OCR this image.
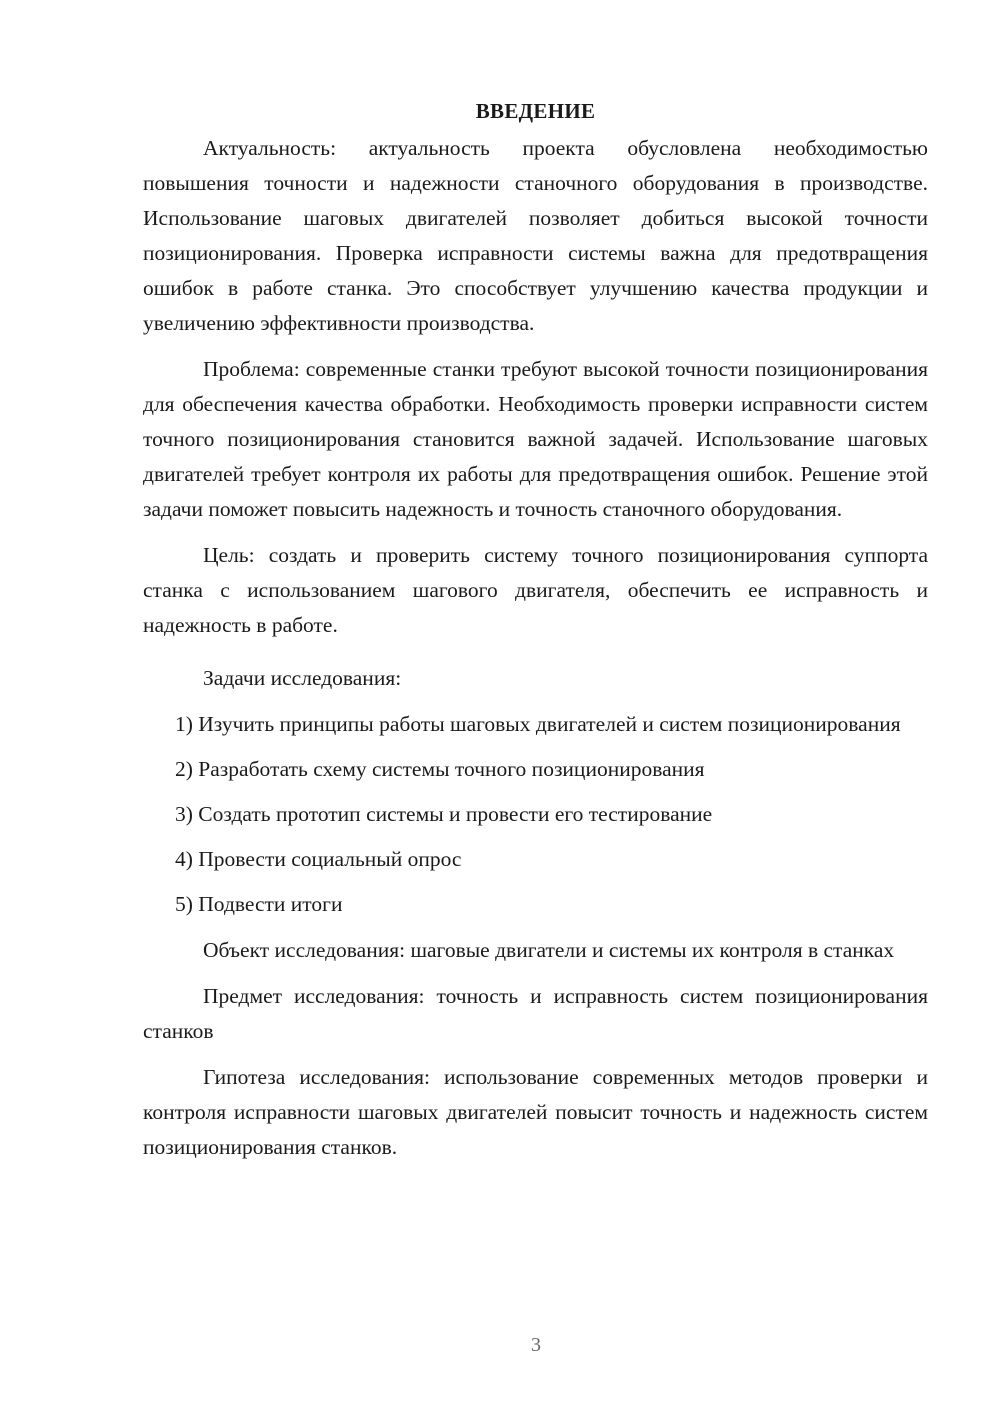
ВВЕДЕНИЕ

Актуальность: актуальность проекта обусловлена необходимостью повышения точности и надежности станочного оборудования в производстве. Использование шаговых двигателей позволяет добиться высокой точности позиционирования. Проверка исправности системы важна для предотвращения ошибок в работе станка. Это способствует улучшению качества продукции и увеличению эффективности производства.

Проблема: современные станки требуют высокой точности позиционирования для обеспечения качества обработки. Необходимость проверки исправности систем точного позиционирования становится важной задачей. Использование шаговых двигателей требует контроля их работы для предотвращения ошибок. Решение этой задачи поможет повысить надежность и точность станочного оборудования.

Цель: создать и проверить систему точного позиционирования суппорта станка с использованием шагового двигателя, обеспечить ее исправность и надежность в работе.

Задачи исследования:

1) Изучить принципы работы шаговых двигателей и систем позиционирования

2) Разработать схему системы точного позиционирования

3) Создать прототип системы и провести его тестирование

4) Провести социальный опрос

5) Подвести итоги

Объект исследования: шаговые двигатели и системы их контроля в станках

Предмет исследования: точность и исправность систем позиционирования станков

Гипотеза исследования: использование современных методов проверки и контроля исправности шаговых двигателей повысит точность и надежность систем позиционирования станков.

3
